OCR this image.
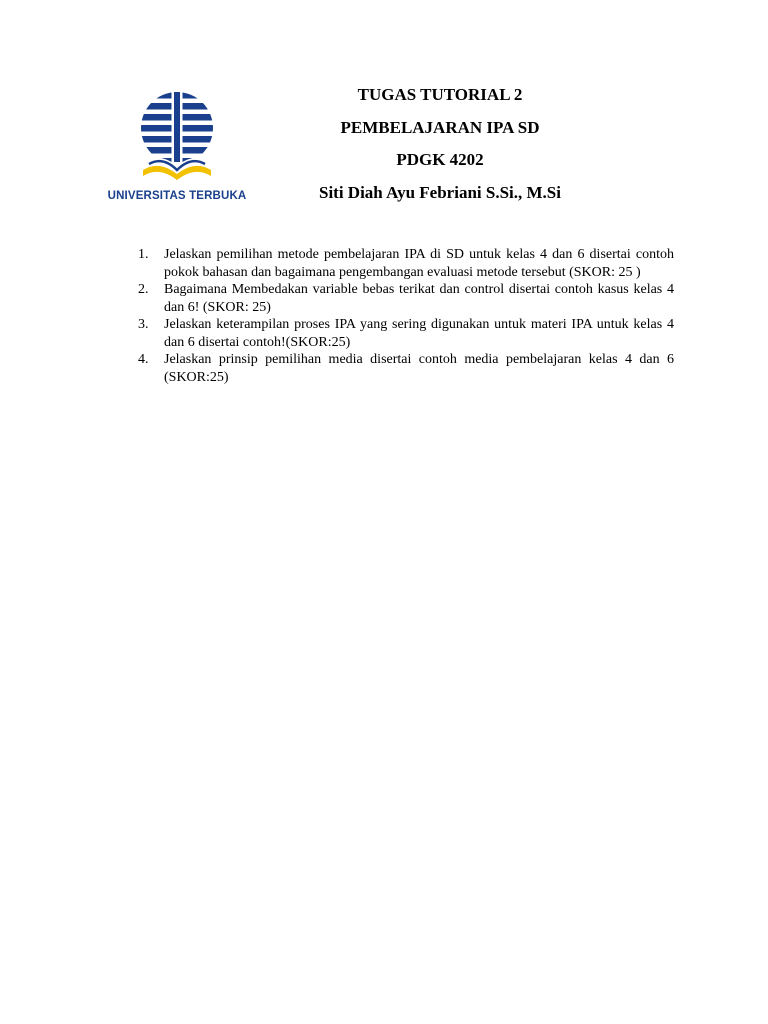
UNIVERSITAS TERBUKA
TUGAS TUTORIAL 2
PEMBELAJARAN IPA SD
PDGK 4202
Siti Diah Ayu Febriani S.Si., M.Si
1. Jelaskan pemilihan metode pembelajaran IPA di SD untuk kelas 4 dan 6 disertai contoh pokok bahasan dan bagaimana pengembangan evaluasi metode tersebut (SKOR: 25 )
2. Bagaimana Membedakan variable bebas terikat dan control disertai contoh kasus kelas 4 dan 6! (SKOR: 25)
3. Jelaskan keterampilan proses IPA yang sering digunakan untuk materi IPA untuk kelas 4 dan 6 disertai contoh!(SKOR:25)
4. Jelaskan prinsip pemilihan media disertai contoh media pembelajaran kelas 4 dan 6 (SKOR:25)
